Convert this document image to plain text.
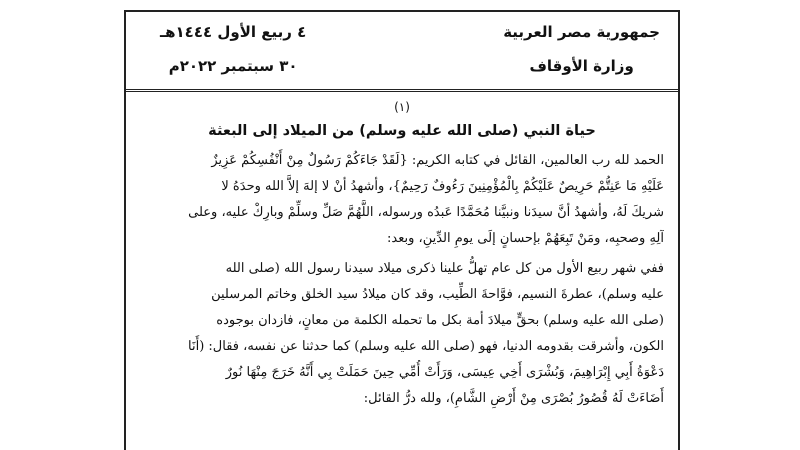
جمهورية مصر العربية
وزارة الأوقاف
٤ ربيع الأول ١٤٤٤هـ
٣٠ سبتمبر ٢٠٢٢م
(١)
حياة النبي (صلى الله عليه وسلم) من الميلاد إلى البعثة

الحمد لله رب العالمين، القائل في كتابه الكريم: {لَقَدْ جَاءَكُمْ رَسُولٌ مِنْ أَنْفُسِكُمْ عَزِيزٌ
عَلَيْهِ مَا عَنِتُّمْ حَرِيصٌ عَلَيْكُمْ بِالْمُؤْمِنِينَ رَءُوفٌ رَحِيمٌ}، وأشهدُ أنْ لا إلهَ إلاَّ الله وحدَهُ لا
شريكَ لَهُ، وأشهدُ أنَّ سيدَنا ونبيَّنا مُحَمَّدًا عَبدُه ورسوله، اللَّهُمَّ صَلِّ وسلِّمْ وبارِكْ عليه، وعلى
آلِهِ وصحبِه، ومَنْ تَبِعَهُمْ بإحسانٍ إلَى يومِ الدِّينِ، وبعد:

ففي شهر ربيع الأول من كل عام تهلُّ علينا ذكرى ميلاد سيدنا رسول الله (صلى الله
عليه وسلم)، عطرةَ النسيم، فوَّاحةَ الطِّيب، وقد كان ميلادُ سيد الخلق وخاتم المرسلين
(صلى الله عليه وسلم) بحقٍّ ميلادَ أمة بكل ما تحمله الكلمة من معانٍ، فازدان بوجوده
الكون، وأشرقت بقدومه الدنيا، فهو (صلى الله عليه وسلم) كما حدثنا عن نفسه، فقال: (أَنَا
دَعْوَةُ أَبِي إِبْرَاهِيمَ، وَبُشْرَى أَخِي عِيسَى، وَرَأَتْ أُمِّي حِينَ حَمَلَتْ بِي أَنَّهُ خَرَجَ مِنْهَا نُورٌ
أَضَاءَتْ لَهُ قُصُورُ بُصْرَى مِنْ أَرْضِ الشَّامِ)، ولله درُّ القائل:
